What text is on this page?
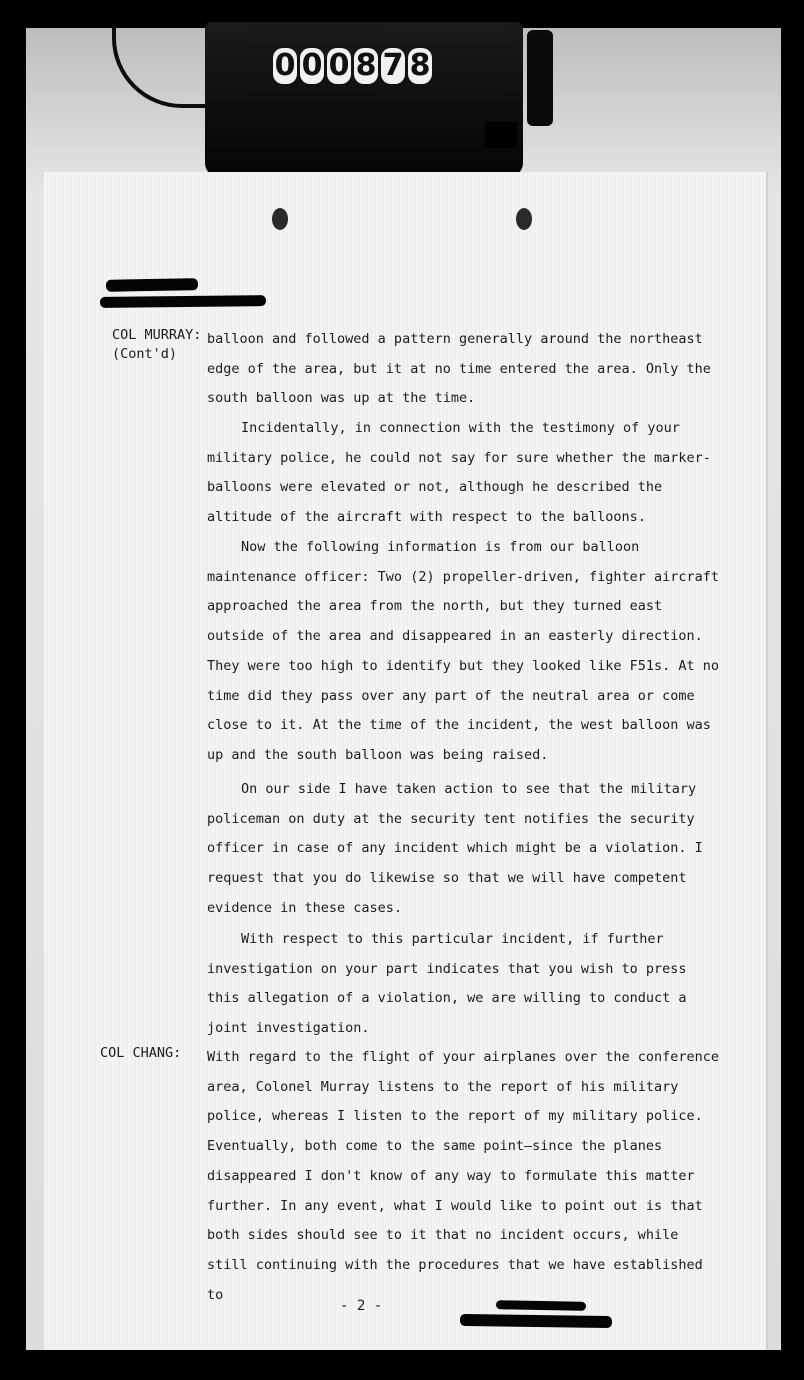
0 0 0 8 7 8
COL MURRAY:
(Cont'd)

balloon and followed a pattern generally around the northeast edge of the area, but it at no time entered the area. Only the south balloon was up at the time.

Incidentally, in connection with the testimony of your military police, he could not say for sure whether the marker-balloons were elevated or not, although he described the altitude of the aircraft with respect to the balloons.

Now the following information is from our balloon maintenance officer: Two (2) propeller-driven, fighter aircraft approached the area from the north, but they turned east outside of the area and disappeared in an easterly direction. They were too high to identify but they looked like F51s. At no time did they pass over any part of the neutral area or come close to it. At the time of the incident, the west balloon was up and the south balloon was being raised.

On our side I have taken action to see that the military policeman on duty at the security tent notifies the security officer in case of any incident which might be a violation. I request that you do likewise so that we will have competent evidence in these cases.

With respect to this particular incident, if further investigation on your part indicates that you wish to press this allegation of a violation, we are willing to conduct a joint investigation.

COL CHANG: With regard to the flight of your airplanes over the conference area, Colonel Murray listens to the report of his military police, whereas I listen to the report of my military police. Eventually, both come to the same point—since the planes disappeared I don't know of any way to formulate this matter further. In any event, what I would like to point out is that both sides should see to it that no incident occurs, while still continuing with the procedures that we have established to

- 2 -
